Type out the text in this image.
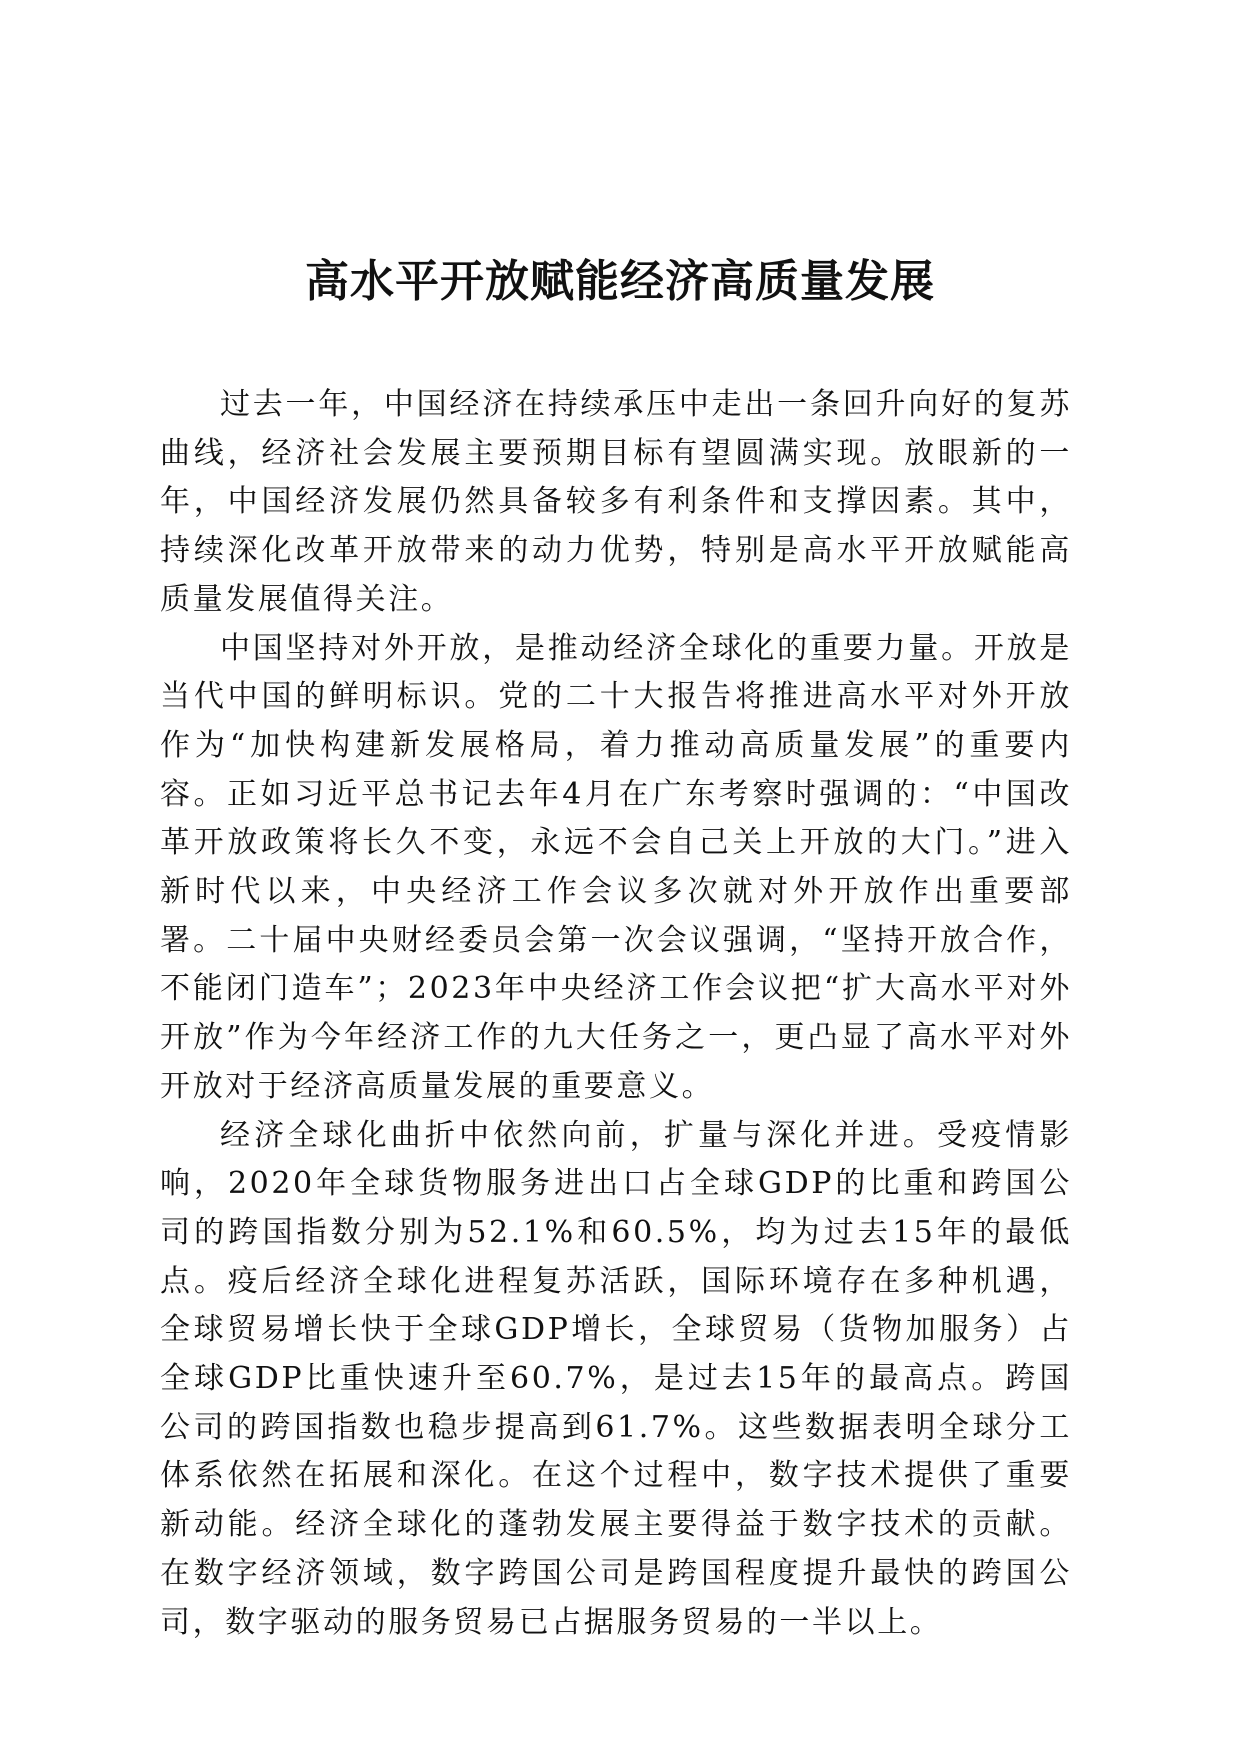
高水平开放赋能经济高质量发展

过去一年，中国经济在持续承压中走出一条回升向好的复苏曲线，经济社会发展主要预期目标有望圆满实现。放眼新的一年，中国经济发展仍然具备较多有利条件和支撑因素。其中，持续深化改革开放带来的动力优势，特别是高水平开放赋能高质量发展值得关注。

中国坚持对外开放，是推动经济全球化的重要力量。开放是当代中国的鲜明标识。党的二十大报告将推进高水平对外开放作为“加快构建新发展格局，着力推动高质量发展”的重要内容。正如习近平总书记去年4月在广东考察时强调的：“中国改革开放政策将长久不变，永远不会自己关上开放的大门。”进入新时代以来，中央经济工作会议多次就对外开放作出重要部署。二十届中央财经委员会第一次会议强调，“坚持开放合作，不能闭门造车”；2023年中央经济工作会议把“扩大高水平对外开放”作为今年经济工作的九大任务之一，更凸显了高水平对外开放对于经济高质量发展的重要意义。

经济全球化曲折中依然向前，扩量与深化并进。受疫情影响，2020年全球货物服务进出口占全球GDP的比重和跨国公司的跨国指数分别为52.1%和60.5%，均为过去15年的最低点。疫后经济全球化进程复苏活跃，国际环境存在多种机遇，全球贸易增长快于全球GDP增长，全球贸易（货物加服务）占全球GDP比重快速升至60.7%，是过去15年的最高点。跨国公司的跨国指数也稳步提高到61.7%。这些数据表明全球分工体系依然在拓展和深化。在这个过程中，数字技术提供了重要新动能。经济全球化的蓬勃发展主要得益于数字技术的贡献。在数字经济领域，数字跨国公司是跨国程度提升最快的跨国公司，数字驱动的服务贸易已占据服务贸易的一半以上。
